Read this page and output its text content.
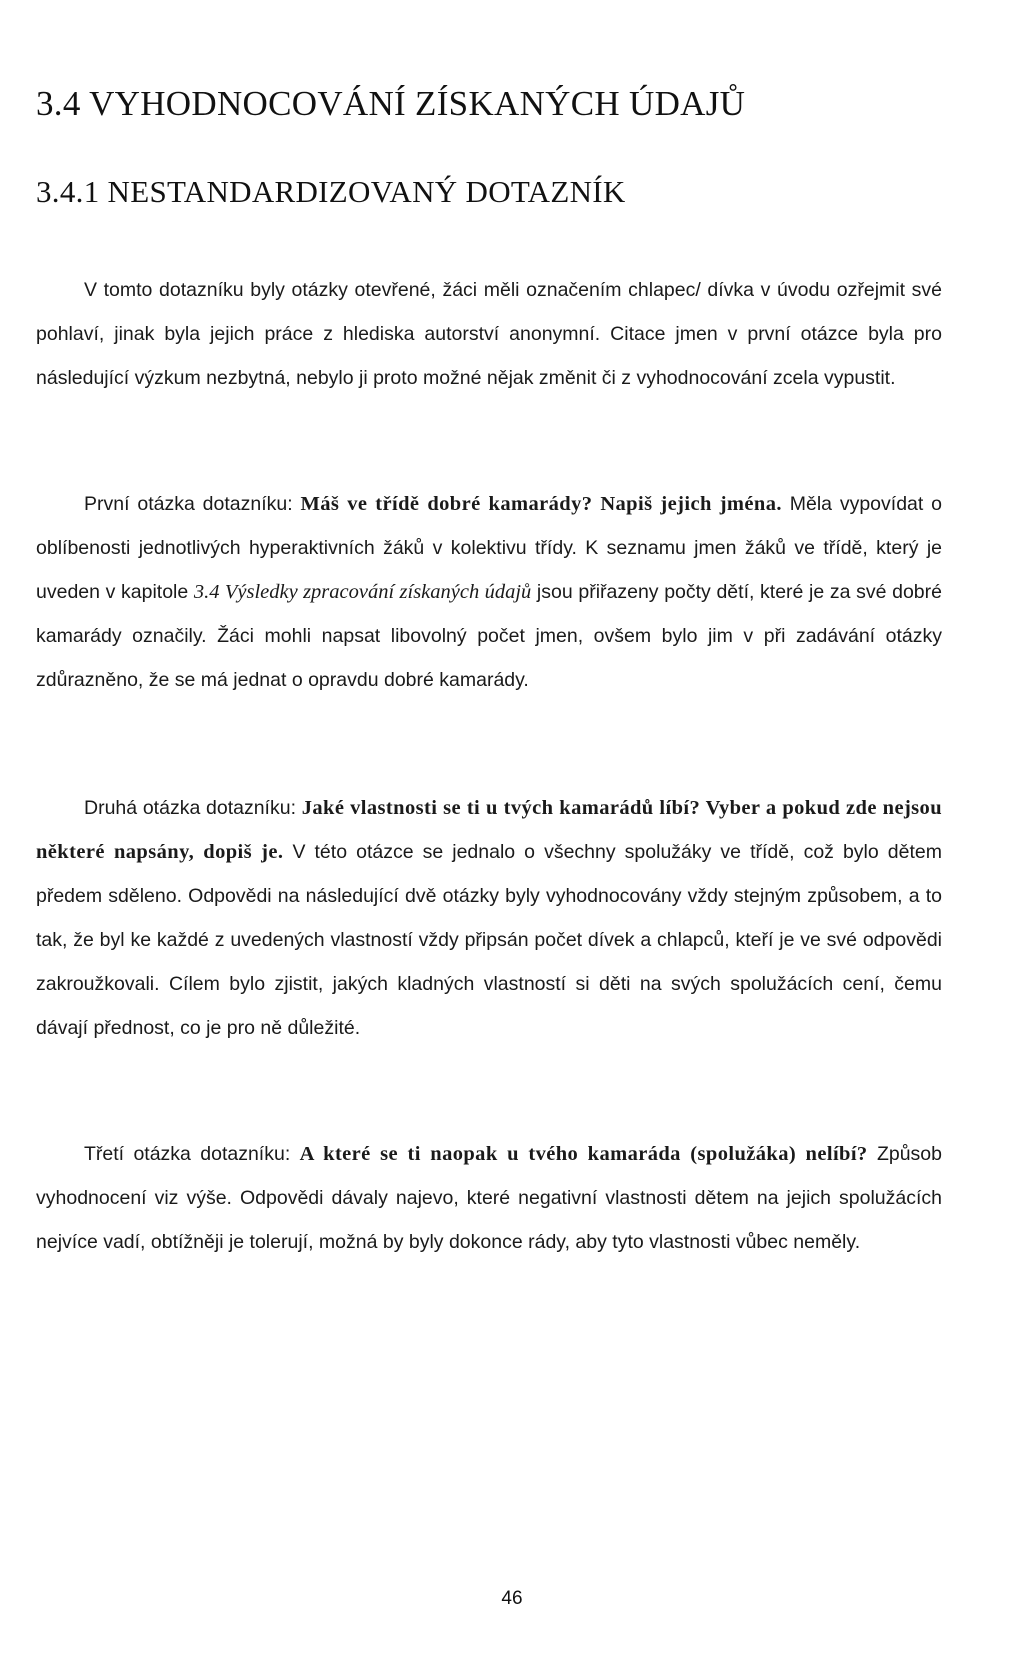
3.4 VYHODNOCOVÁNÍ ZÍSKANÝCH ÚDAJŮ
3.4.1 NESTANDARDIZOVANÝ DOTAZNÍK

V tomto dotazníku byly otázky otevřené, žáci měli označením chlapec/ dívka v úvodu ozřejmit své pohlaví, jinak byla jejich práce z hlediska autorství anonymní. Citace jmen v první otázce byla pro následující výzkum nezbytná, nebylo ji proto možné nějak změnit či z vyhodnocování zcela vypustit.

První otázka dotazníku: Máš ve třídě dobré kamarády? Napiš jejich jména. Měla vypovídat o oblíbenosti jednotlivých hyperaktivních žáků v kolektivu třídy. K seznamu jmen žáků ve třídě, který je uveden v kapitole 3.4 Výsledky zpracování získaných údajů jsou přiřazeny počty dětí, které je za své dobré kamarády označily. Žáci mohli napsat libovolný počet jmen, ovšem bylo jim v při zadávání otázky zdůrazněno, že se má jednat o opravdu dobré kamarády.

Druhá otázka dotazníku: Jaké vlastnosti se ti u tvých kamarádů líbí? Vyber a pokud zde nejsou některé napsány, dopiš je. V této otázce se jednalo o všechny spolužáky ve třídě, což bylo dětem předem sděleno. Odpovědi na následující dvě otázky byly vyhodnocovány vždy stejným způsobem, a to tak, že byl ke každé z uvedených vlastností vždy připsán počet dívek a chlapců, kteří je ve své odpovědi zakroužkovali. Cílem bylo zjistit, jakých kladných vlastností si děti na svých spolužácích cení, čemu dávají přednost, co je pro ně důležité.

Třetí otázka dotazníku: A které se ti naopak u tvého kamaráda (spolužáka) nelíbí? Způsob vyhodnocení viz výše. Odpovědi dávaly najevo, které negativní vlastnosti dětem na jejich spolužácích nejvíce vadí, obtížněji je tolerují, možná by byly dokonce rády, aby tyto vlastnosti vůbec neměly.

46
